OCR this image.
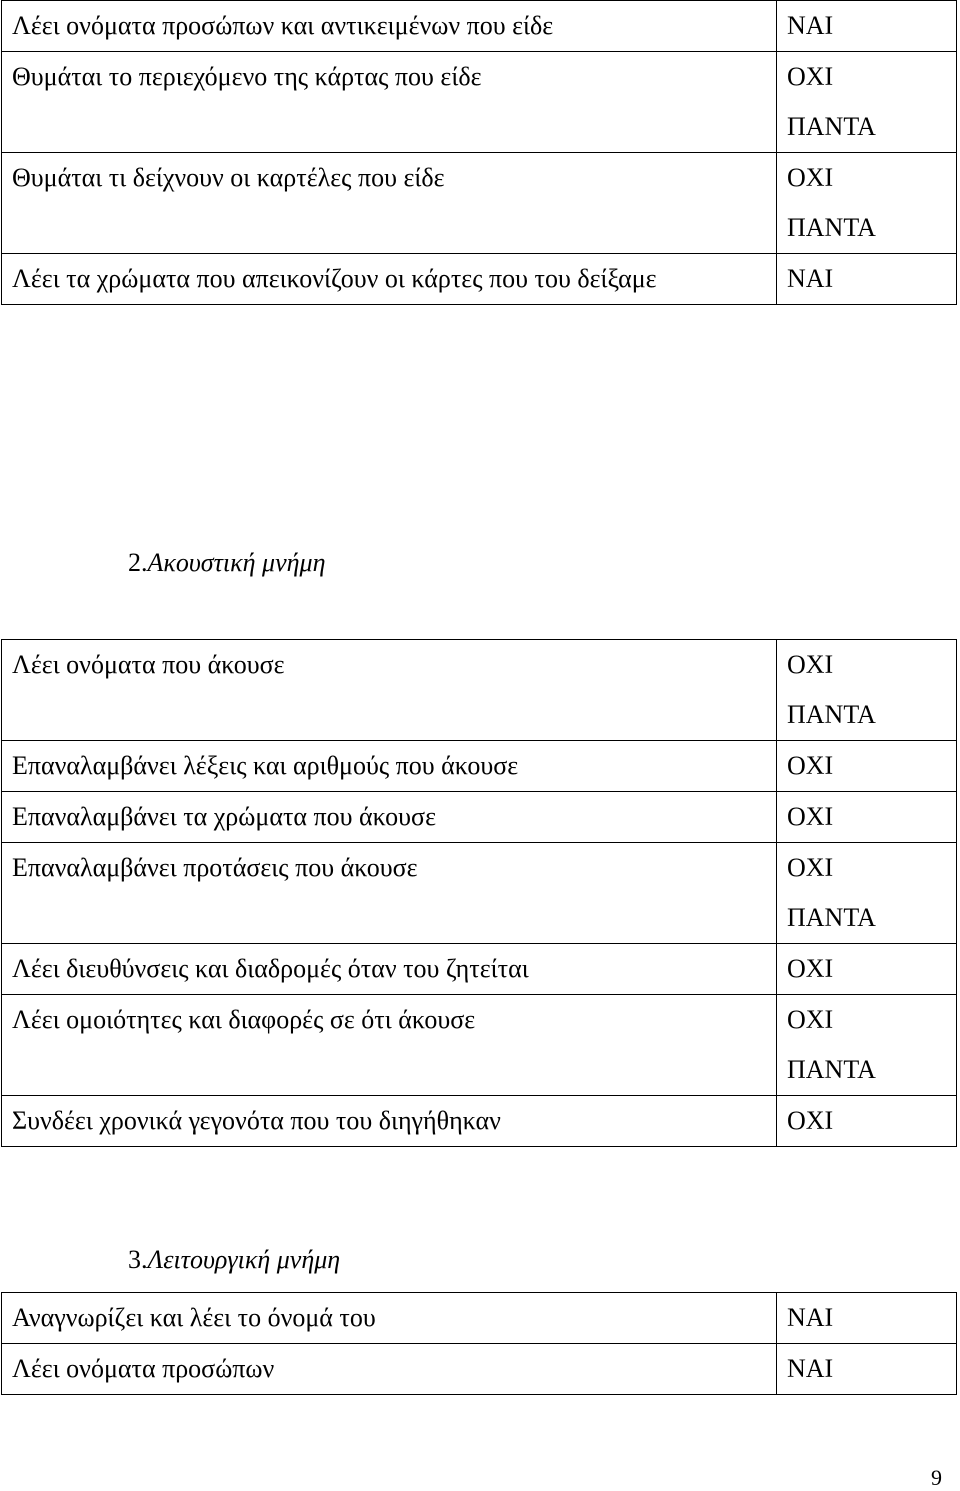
Λέει ονόματα προσώπων και αντικειμένων που είδε	ΝΑΙ

Θυμάται το περιεχόμενο της κάρτας που είδε	ΟΧΙ
ΠΑΝΤΑ

Θυμάται τι δείχνουν οι καρτέλες που είδε	ΟΧΙ
ΠΑΝΤΑ

Λέει τα χρώματα που απεικονίζουν οι κάρτες που του δείξαμε	ΝΑΙ
2.Ακουστική μνήμη
Λέει ονόματα που άκουσε	ΟΧΙ
ΠΑΝΤΑ

Επαναλαμβάνει λέξεις και αριθμούς που άκουσε	ΟΧΙ

Επαναλαμβάνει τα χρώματα που άκουσε	ΟΧΙ

Επαναλαμβάνει προτάσεις που άκουσε	ΟΧΙ
ΠΑΝΤΑ

Λέει διευθύνσεις και διαδρομές όταν του ζητείται	ΟΧΙ

Λέει ομοιότητες και διαφορές σε ότι άκουσε	ΟΧΙ
ΠΑΝΤΑ

Συνδέει χρονικά γεγονότα που του διηγήθηκαν	ΟΧΙ
3.Λειτουργική μνήμη
Αναγνωρίζει και λέει το όνομά του	ΝΑΙ

Λέει ονόματα προσώπων	ΝΑΙ
9
